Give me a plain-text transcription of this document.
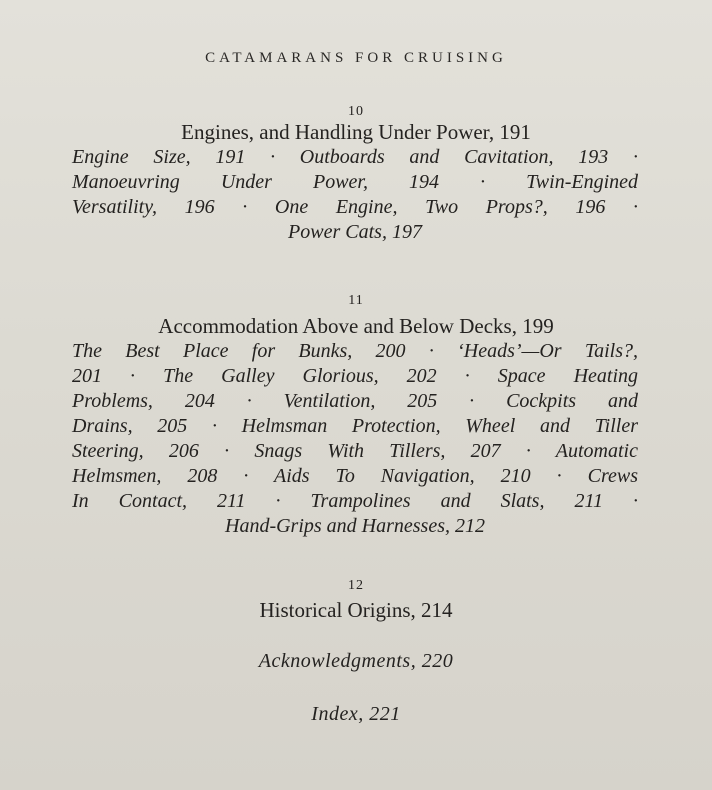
CATAMARANS FOR CRUISING
10
Engines, and Handling Under Power, 191
Engine Size, 191 · Outboards and Cavitation, 193 ·
Manoeuvring Under Power, 194 · Twin-Engined
Versatility, 196 · One Engine, Two Props?, 196 ·
Power Cats, 197
11
Accommodation Above and Below Decks, 199
The Best Place for Bunks, 200 · ‘Heads’—Or Tails?,
201 · The Galley Glorious, 202 · Space Heating
Problems, 204 · Ventilation, 205 · Cockpits and
Drains, 205 · Helmsman Protection, Wheel and Tiller
Steering, 206 · Snags With Tillers, 207 · Automatic
Helmsmen, 208 · Aids To Navigation, 210 · Crews
In Contact, 211 · Trampolines and Slats, 211 ·
Hand-Grips and Harnesses, 212
12
Historical Origins, 214
Acknowledgments, 220
Index, 221
